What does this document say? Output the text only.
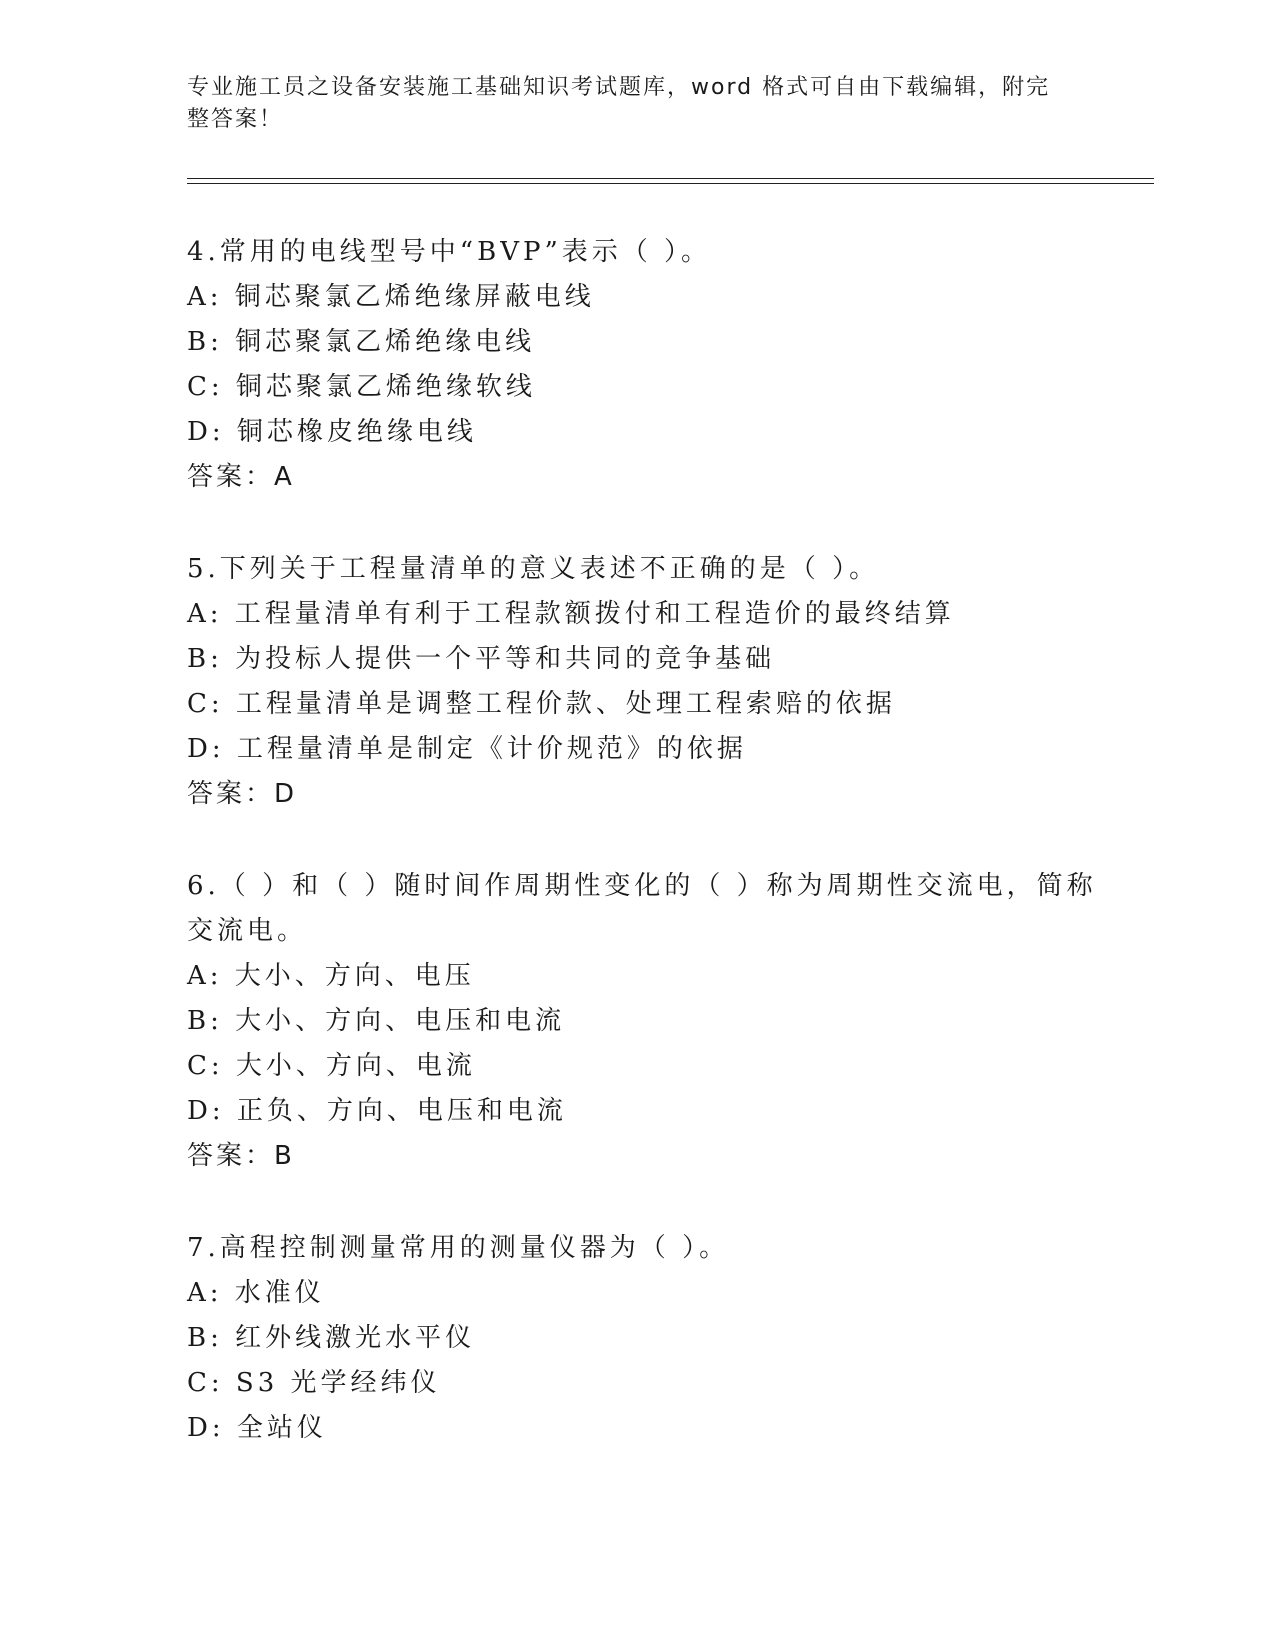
专业施工员之设备安装施工基础知识考试题库，word 格式可自由下载编辑，附完
整答案！
4.常用的电线型号中“BVP”表示（ ）。
A: 铜芯聚氯乙烯绝缘屏蔽电线
B: 铜芯聚氯乙烯绝缘电线
C: 铜芯聚氯乙烯绝缘软线
D: 铜芯橡皮绝缘电线
答案：A
5.下列关于工程量清单的意义表述不正确的是（ ）。
A: 工程量清单有利于工程款额拨付和工程造价的最终结算
B: 为投标人提供一个平等和共同的竞争基础
C: 工程量清单是调整工程价款、处理工程索赔的依据
D: 工程量清单是制定《计价规范》的依据
答案：D
6.（ ）和（ ）随时间作周期性变化的（ ）称为周期性交流电，简称
交流电。
A: 大小、方向、电压
B: 大小、方向、电压和电流
C: 大小、方向、电流
D: 正负、方向、电压和电流
答案：B
7.高程控制测量常用的测量仪器为（ ）。
A: 水准仪
B: 红外线激光水平仪
C: S3 光学经纬仪
D: 全站仪
